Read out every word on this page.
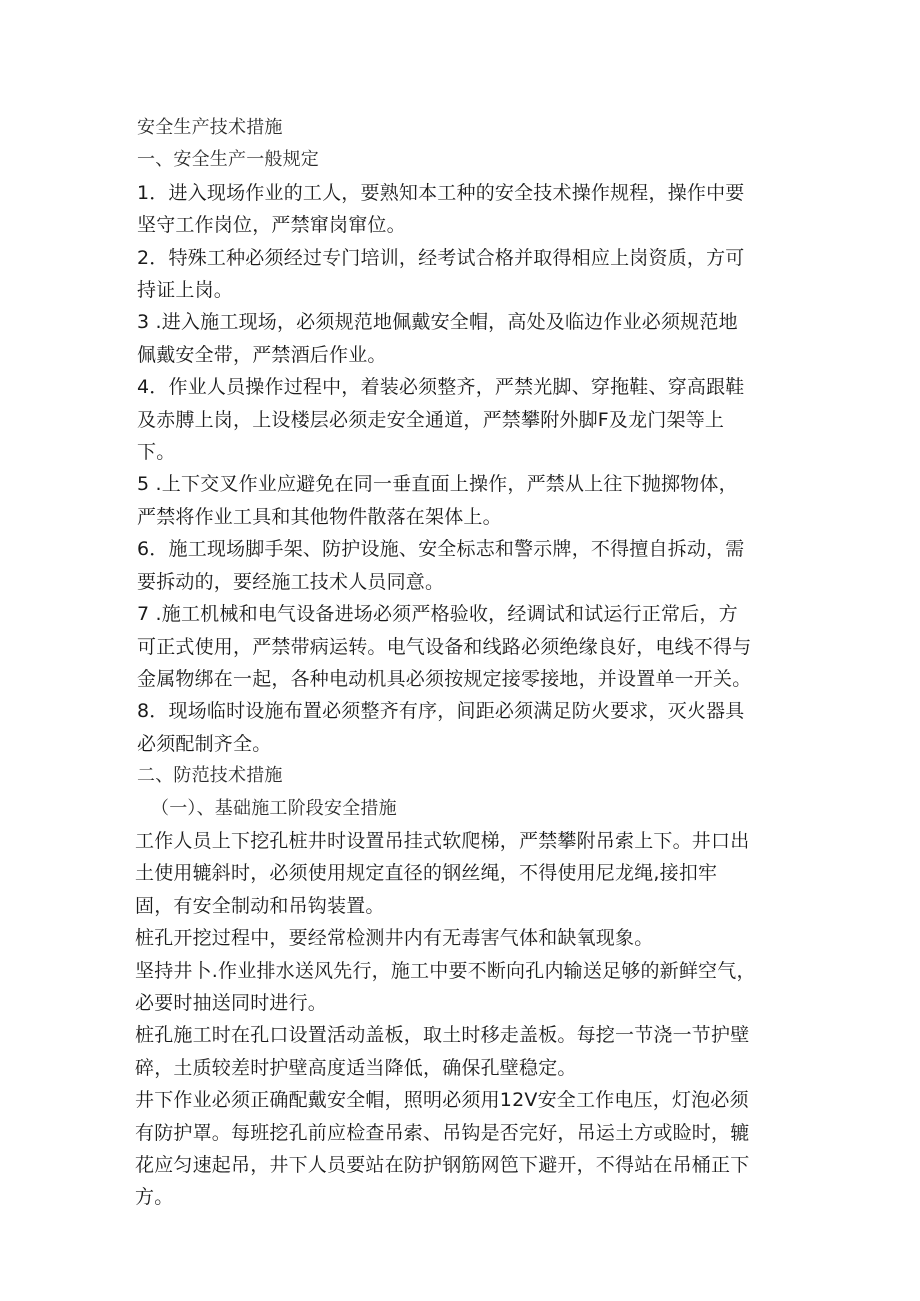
安全生产技术措施
一、安全生产一般规定
1．进入现场作业的工人，要熟知本工种的安全技术操作规程，操作中要
坚守工作岗位，严禁窜岗窜位。
2．特殊工种必须经过专门培训，经考试合格并取得相应上岗资质，方可
持证上岗。
3 .进入施工现场，必须规范地佩戴安全帽，高处及临边作业必须规范地
佩戴安全带，严禁酒后作业。
4．作业人员操作过程中，着装必须整齐，严禁光脚、穿拖鞋、穿高跟鞋
及赤膊上岗，上设楼层必须走安全通道，严禁攀附外脚F及龙门架等上
下。
5 .上下交叉作业应避免在同一垂直面上操作，严禁从上往下抛掷物体，
严禁将作业工具和其他物件散落在架体上。
6．施工现场脚手架、防护设施、安全标志和警示牌，不得擅自拆动，需
要拆动的，要经施工技术人员同意。
7 .施工机械和电气设备进场必须严格验收，经调试和试运行正常后，方
可正式使用，严禁带病运转。电气设备和线路必须绝缘良好，电线不得与
金属物绑在一起，各种电动机具必须按规定接零接地，并设置单一开关。
8．现场临时设施布置必须整齐有序，间距必须满足防火要求，灭火器具
必须配制齐全。
二、防范技术措施
（一）、基础施工阶段安全措施
工作人员上下挖孔桩井时设置吊挂式软爬梯，严禁攀附吊索上下。井口出
土使用辘斜时，必须使用规定直径的钢丝绳，不得使用尼龙绳,接扣牢
固，有安全制动和吊钩装置。
桩孔开挖过程中，要经常检测井内有无毒害气体和缺氧现象。
坚持井卜.作业排水送风先行，施工中要不断向孔内输送足够的新鲜空气，
必要时抽送同时进行。
桩孔施工时在孔口设置活动盖板，取土时移走盖板。每挖一节浇一节护壁
碎，土质较差时护壁高度适当降低，确保孔壁稳定。
井下作业必须正确配戴安全帽，照明必须用12V安全工作电压，灯泡必须
有防护罩。每班挖孔前应检查吊索、吊钩是否完好，吊运土方或睑时，辘
花应匀速起吊，井下人员要站在防护钢筋网笆下避开，不得站在吊桶正下
方。
